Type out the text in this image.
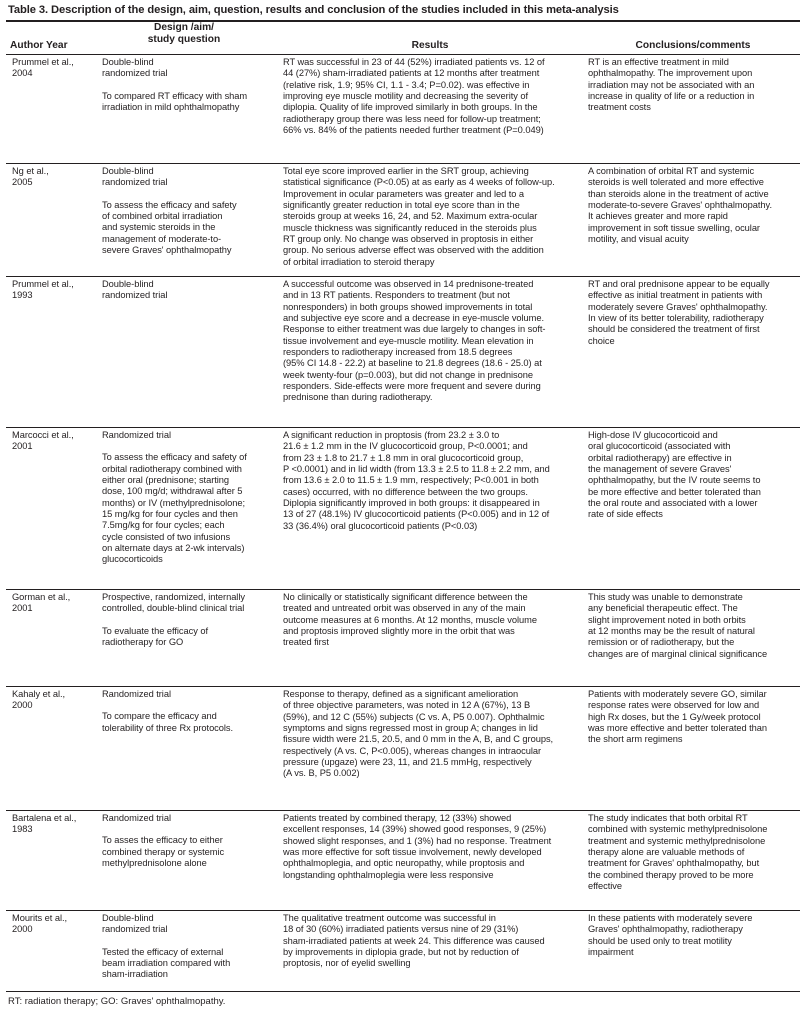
Table 3. Description of the design, aim, question, results and conclusion of the studies included in this meta-analysis
Author Year
Design /aim/
study question
Results	Conclusions/comments
Prummel et al.,
2004
Double-blind
randomized trial
To compared RT efficacy with sham
irradiation in mild ophthalmopathy
RT was successful in 23 of 44 (52%) irradiated patients vs. 12 of
44 (27%) sham-irradiated patients at 12 months after treatment
(relative risk, 1.9; 95% CI, 1.1 - 3.4; P=0.02). was effective in
improving eye muscle motility and decreasing the severity of
diplopia. Quality of life improved similarly in both groups. In the
radiotherapy group there was less need for follow-up treatment;
66% vs. 84% of the patients needed further treatment (P=0.049)
RT is an effective treatment in mild
ophthalmopathy. The improvement upon
irradiation may not be associated with an
increase in quality of life or a reduction in
treatment costs
Ng et al.,
2005
Double-blind
randomized trial
To assess the efficacy and safety
of combined orbital irradiation
and systemic steroids in the
management of moderate-to-
severe Graves' ophthalmopathy
Total eye score improved earlier in the SRT group, achieving
statistical significance (P<0.05) at as early as 4 weeks of follow-up.
Improvement in ocular parameters was greater and led to a
significantly greater reduction in total eye score than in the
steroids group at weeks 16, 24, and 52. Maximum extra-ocular
muscle thickness was significantly reduced in the steroids plus
RT group only. No change was observed in proptosis in either
group. No serious adverse effect was observed with the addition
of orbital irradiation to steroid therapy
A combination of orbital RT and systemic
steroids is well tolerated and more effective
than steroids alone in the treatment of active
moderate-to-severe Graves' ophthalmopathy.
It achieves greater and more rapid
improvement in soft tissue swelling, ocular
motility, and visual acuity
Prummel et al.,
1993
Double-blind
randomized trial
A successful outcome was observed in 14 prednisone-treated
and in 13 RT patients. Responders to treatment (but not
nonresponders) in both groups showed improvements in total
and subjective eye score and a decrease in eye-muscle volume.
Response to either treatment was due largely to changes in soft-
tissue involvement and eye-muscle motility. Mean elevation in
responders to radiotherapy increased from 18.5 degrees
(95% CI 14.8 - 22.2) at baseline to 21.8 degrees (18.6 - 25.0) at
week twenty-four (p=0.003), but did not change in prednisone
responders. Side-effects were more frequent and severe during
prednisone than during radiotherapy.
RT and oral prednisone appear to be equally
effective as initial treatment in patients with
moderately severe Graves' ophthalmopathy.
In view of its better tolerability, radiotherapy
should be considered the treatment of first
choice
Marcocci et al.,
2001
Randomized trial
To assess the efficacy and safety of
orbital radiotherapy combined with
either oral (prednisone; starting
dose, 100 mg/d; withdrawal after 5
months) or IV (methylprednisolone;
15 mg/kg for four cycles and then
7.5mg/kg for four cycles; each
cycle consisted of two infusions
on alternate days at 2-wk intervals)
glucocorticoids
A significant reduction in proptosis (from 23.2 ± 3.0 to
21.6 ± 1.2 mm in the IV glucocorticoid group, P<0.0001; and
from 23 ± 1.8 to 21.7 ± 1.8 mm in oral glucocorticoid group,
P <0.0001) and in lid width (from 13.3 ± 2.5 to 11.8 ± 2.2 mm, and
from 13.6 ± 2.0 to 11.5 ± 1.9 mm, respectively; P<0.001 in both
cases) occurred, with no difference between the two groups.
Diplopia significantly improved in both groups: it disappeared in
13 of 27 (48.1%) IV glucocorticoid patients (P<0.005) and in 12 of
33 (36.4%) oral glucocorticoid patients (P<0.03)
High-dose IV glucocorticoid and
oral glucocorticoid (associated with
orbital radiotherapy) are effective in
the management of severe Graves'
ophthalmopathy, but the IV route seems to
be more effective and better tolerated than
the oral route and associated with a lower
rate of side effects
Gorman et al.,
2001
Prospective, randomized, internally
controlled, double-blind clinical trial
To evaluate the efficacy of
radiotherapy for GO
No clinically or statistically significant difference between the
treated and untreated orbit was observed in any of the main
outcome measures at 6 months. At 12 months, muscle volume
and proptosis improved slightly more in the orbit that was
treated first
This study was unable to demonstrate
any beneficial therapeutic effect. The
slight improvement noted in both orbits
at 12 months may be the result of natural
remission or of radiotherapy, but the
changes are of marginal clinical significance
Kahaly et al.,
2000
Randomized trial
To compare the efficacy and
tolerability of three Rx protocols.
Response to therapy, defined as a significant amelioration
of three objective parameters, was noted in 12 A (67%), 13 B
(59%), and 12 C (55%) subjects (C vs. A, P5 0.007). Ophthalmic
symptoms and signs regressed most in group A; changes in lid
fissure width were 21.5, 20.5, and 0 mm in the A, B, and C groups,
respectively (A vs. C, P<0.005), whereas changes in intraocular
pressure (upgaze) were 23, 11, and 21.5 mmHg, respectively
(A vs. B, P5 0.002)
Patients with moderately severe GO, similar
response rates were observed for low and
high Rx doses, but the 1 Gy/week protocol
was more effective and better tolerated than
the short arm regimens
Bartalena et al.,
1983
Randomized trial
To asses the efficacy to either
combined therapy or systemic
methylprednisolone alone
Patients treated by combined therapy, 12 (33%) showed
excellent responses, 14 (39%) showed good responses, 9 (25%)
showed slight responses, and 1 (3%) had no response. Treatment
was more effective for soft tissue involvement, newly developed
ophthalmoplegia, and optic neuropathy, while proptosis and
longstanding ophthalmoplegia were less responsive
The study indicates that both orbital RT
combined with systemic methylprednisolone
treatment and systemic methylprednisolone
therapy alone are valuable methods of
treatment for Graves' ophthalmopathy, but
the combined therapy proved to be more
effective
Mourits et al.,
2000
Double-blind
randomized trial
Tested the efficacy of external
beam irradiation compared with
sham-irradiation
The qualitative treatment outcome was successful in
18 of 30 (60%) irradiated patients versus nine of 29 (31%)
sham-irradiated patients at week 24. This difference was caused
by improvements in diplopia grade, but not by reduction of
proptosis, nor of eyelid swelling
In these patients with moderately severe
Graves' ophthalmopathy, radiotherapy
should be used only to treat motility
impairment
RT: radiation therapy; GO: Graves' ophthalmopathy.
